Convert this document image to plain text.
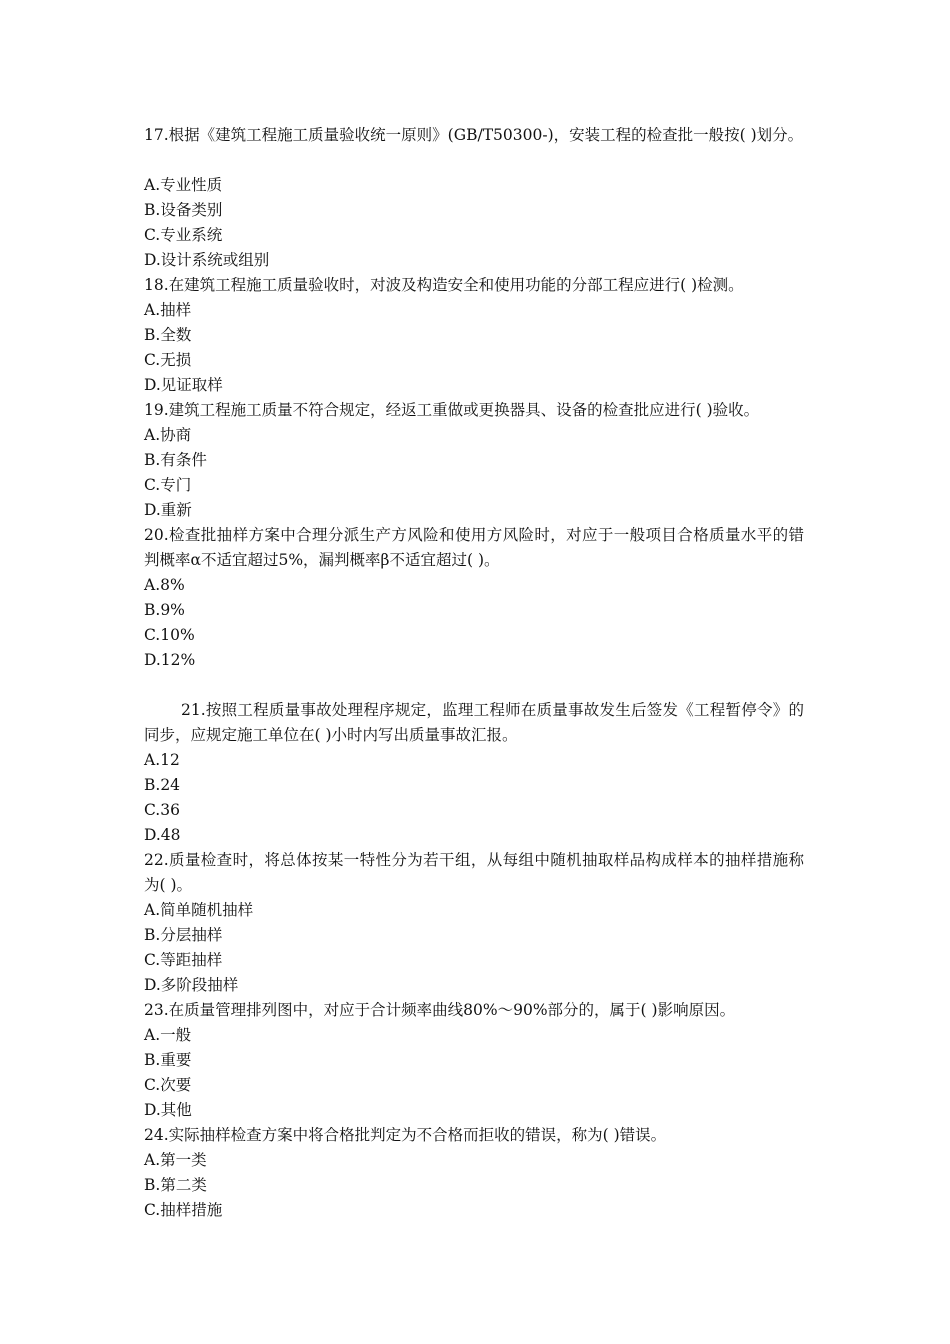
17.根据《建筑工程施工质量验收统一原则》(GB/T50300-)，安装工程的检查批一般按( )划分。
A.专业性质
B.设备类别
C.专业系统
D.设计系统或组别
18.在建筑工程施工质量验收时，对波及构造安全和使用功能的分部工程应进行( )检测。
A.抽样
B.全数
C.无损
D.见证取样
19.建筑工程施工质量不符合规定，经返工重做或更换器具、设备的检查批应进行( )验收。
A.协商
B.有条件
C.专门
D.重新
20.检查批抽样方案中合理分派生产方风险和使用方风险时，对应于一般项目合格质量水平的错判概率α不适宜超过5%，漏判概率β不适宜超过( )。
A.8%
B.9%
C.10%
D.12%
21.按照工程质量事故处理程序规定，监理工程师在质量事故发生后签发《工程暂停令》的同步，应规定施工单位在( )小时内写出质量事故汇报。
A.12
B.24
C.36
D.48
22.质量检查时，将总体按某一特性分为若干组，从每组中随机抽取样品构成样本的抽样措施称为( )。
A.简单随机抽样
B.分层抽样
C.等距抽样
D.多阶段抽样
23.在质量管理排列图中，对应于合计频率曲线80%～90%部分的，属于( )影响原因。
A.一般
B.重要
C.次要
D.其他
24.实际抽样检查方案中将合格批判定为不合格而拒收的错误，称为( )错误。
A.第一类
B.第二类
C.抽样措施
